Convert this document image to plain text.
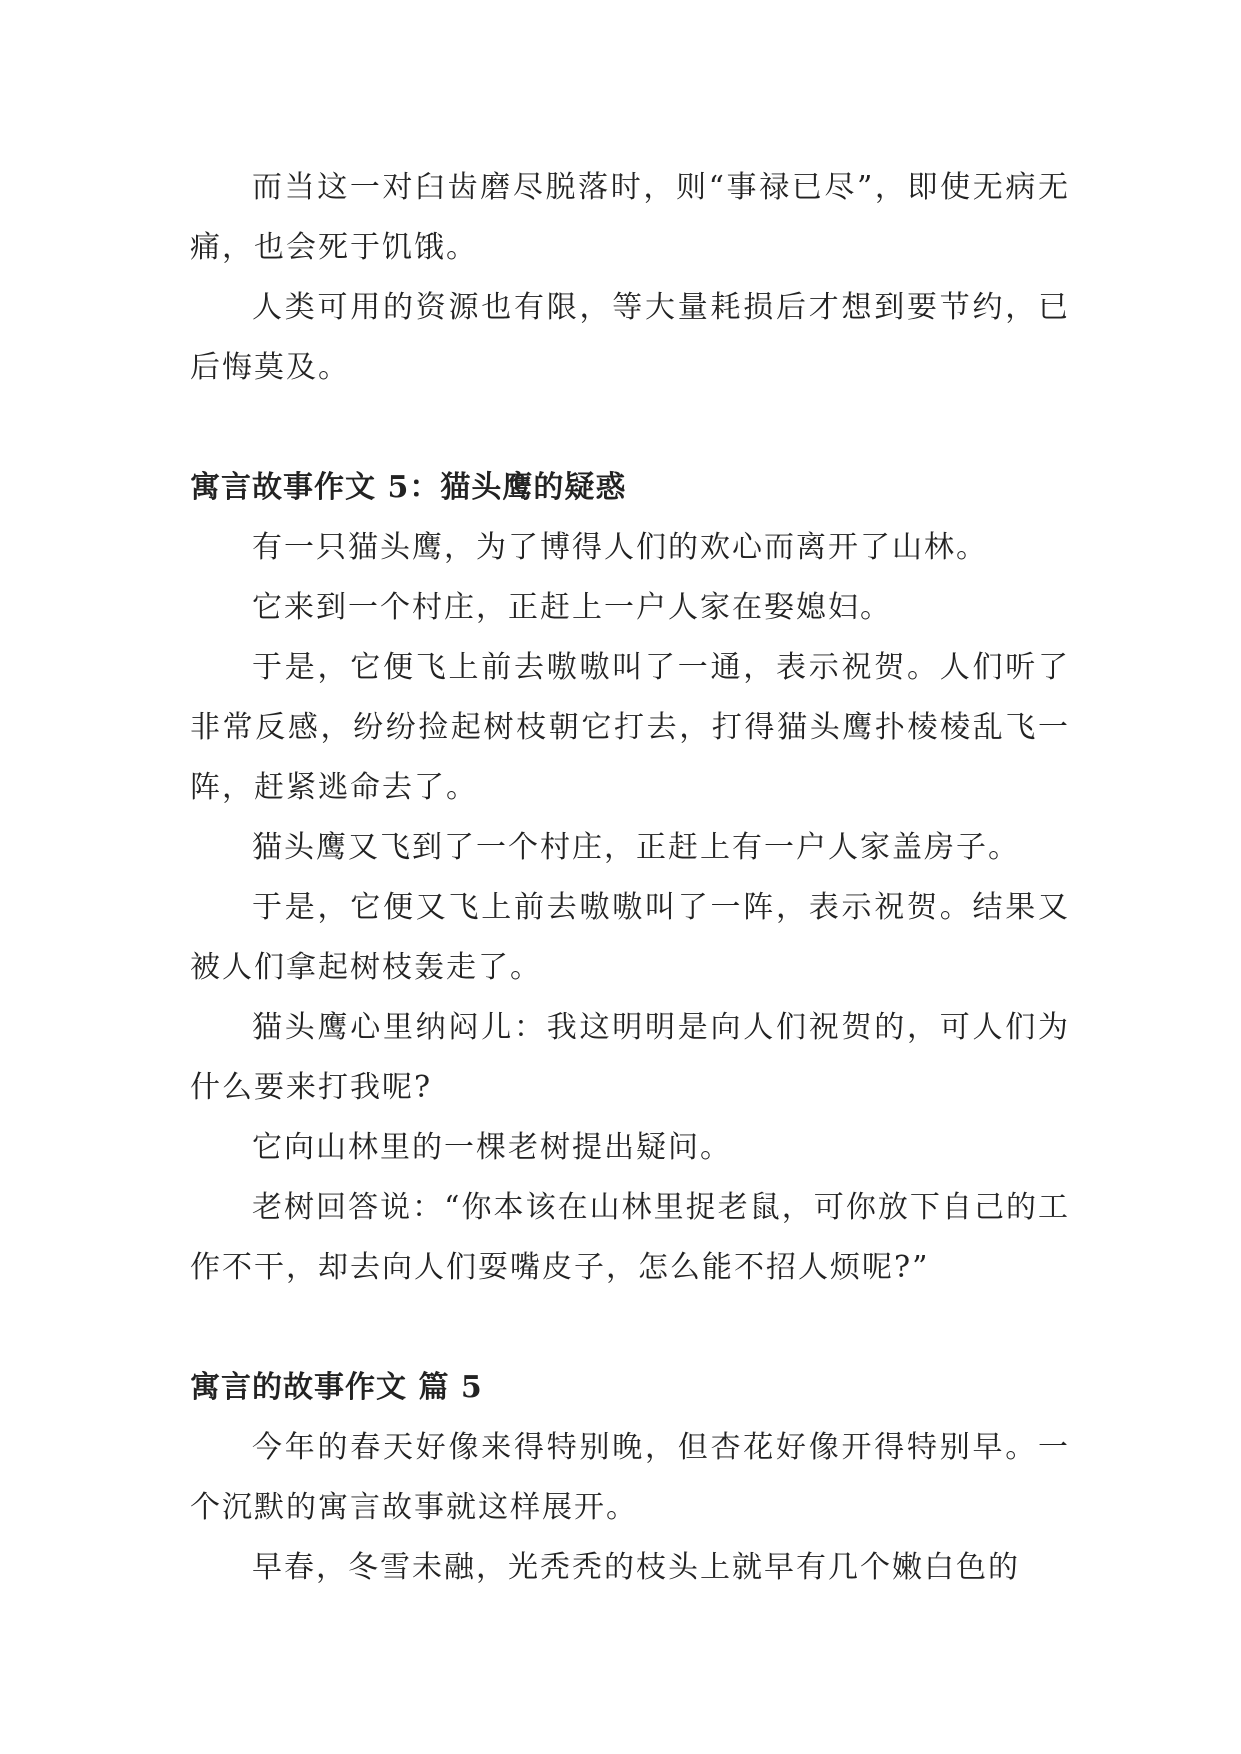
而当这一对臼齿磨尽脱落时，则“事禄已尽”，即使无病无痛，也会死于饥饿。

人类可用的资源也有限，等大量耗损后才想到要节约，已后悔莫及。

寓言故事作文 5：猫头鹰的疑惑

有一只猫头鹰，为了博得人们的欢心而离开了山林。

它来到一个村庄，正赶上一户人家在娶媳妇。

于是，它便飞上前去嗷嗷叫了一通，表示祝贺。人们听了非常反感，纷纷捡起树枝朝它打去，打得猫头鹰扑棱棱乱飞一阵，赶紧逃命去了。

猫头鹰又飞到了一个村庄，正赶上有一户人家盖房子。

于是，它便又飞上前去嗷嗷叫了一阵，表示祝贺。结果又被人们拿起树枝轰走了。

猫头鹰心里纳闷儿：我这明明是向人们祝贺的，可人们为什么要来打我呢?

它向山林里的一棵老树提出疑问。

老树回答说：“你本该在山林里捉老鼠，可你放下自己的工作不干，却去向人们耍嘴皮子，怎么能不招人烦呢?”

寓言的故事作文 篇 5

今年的春天好像来得特别晚，但杏花好像开得特别早。一个沉默的寓言故事就这样展开。

早春，冬雪未融，光秃秃的枝头上就早有几个嫩白色的
